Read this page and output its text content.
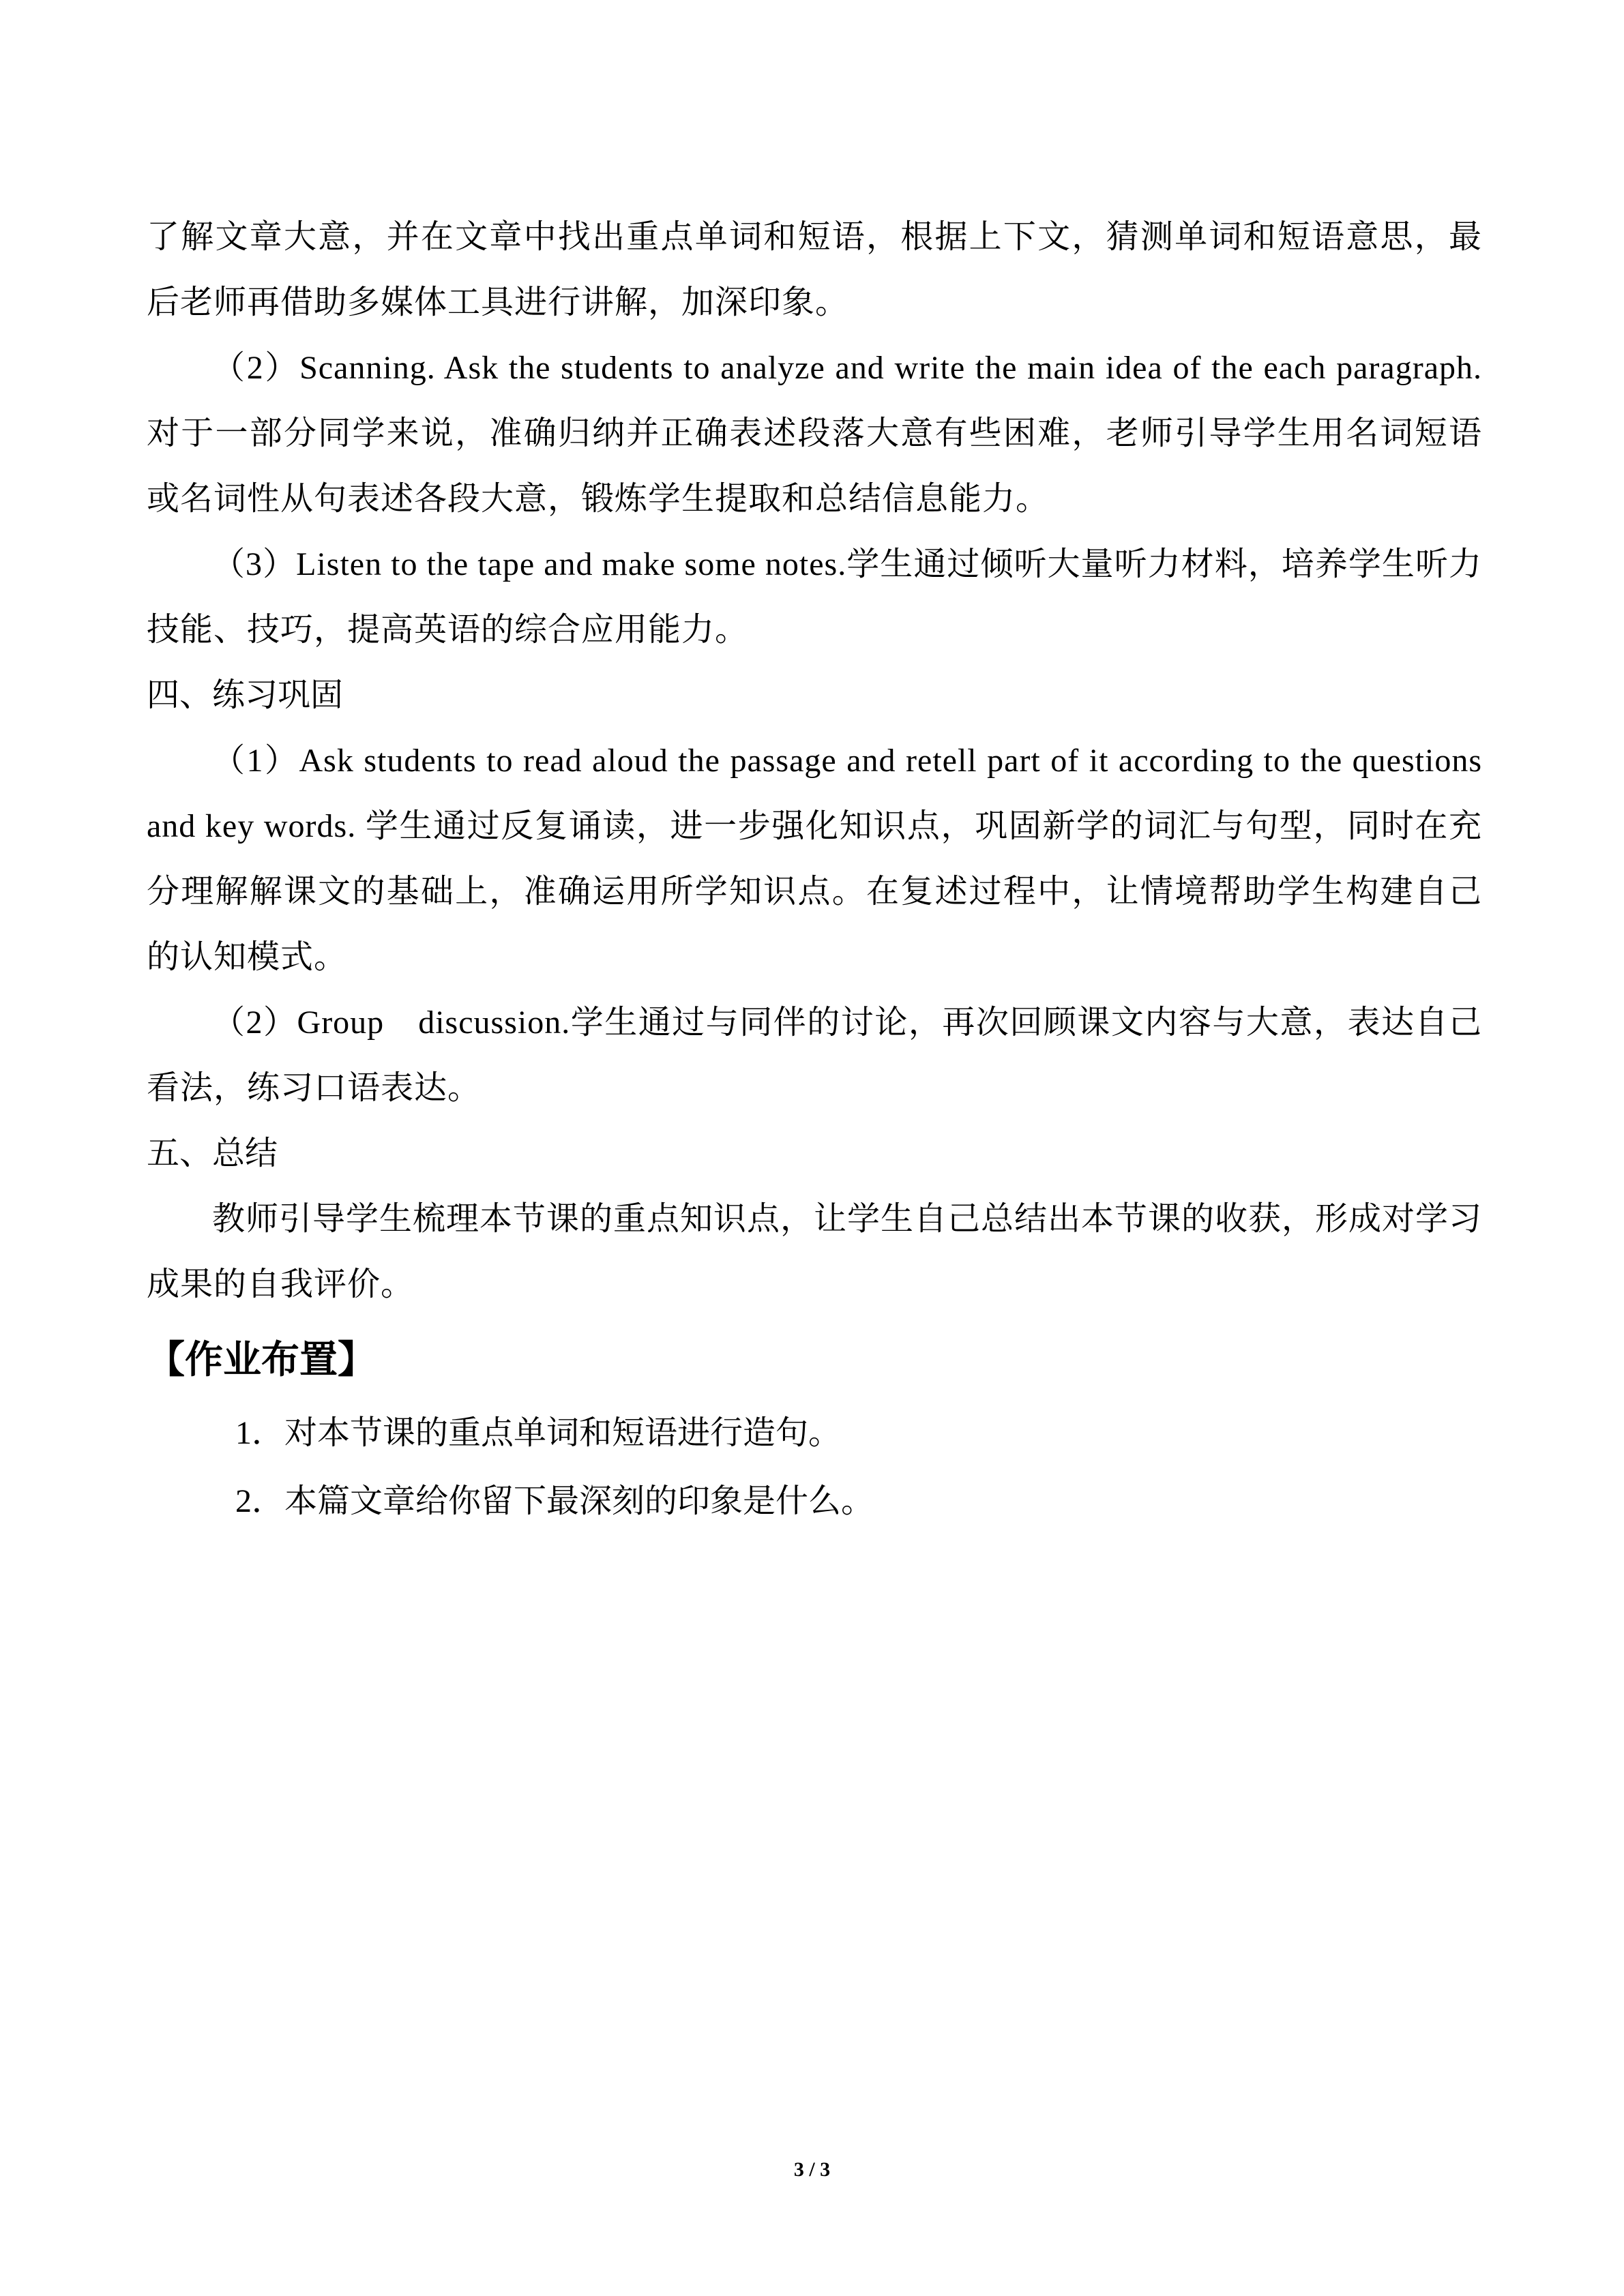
了解文章大意，并在文章中找出重点单词和短语，根据上下文，猜测单词和短语意思，最后老师再借助多媒体工具进行讲解，加深印象。

（2）Scanning. Ask the students to analyze and write the main idea of the each paragraph.对于一部分同学来说，准确归纳并正确表述段落大意有些困难，老师引导学生用名词短语或名词性从句表述各段大意，锻炼学生提取和总结信息能力。

（3）Listen to the tape and make some notes.学生通过倾听大量听力材料，培养学生听力技能、技巧，提高英语的综合应用能力。

四、练习巩固

（1）Ask students to read aloud the passage and retell part of it according to the questions and key words. 学生通过反复诵读，进一步强化知识点，巩固新学的词汇与句型，同时在充分理解解课文的基础上，准确运用所学知识点。在复述过程中，让情境帮助学生构建自己的认知模式。

（2）Group　discussion.学生通过与同伴的讨论，再次回顾课文内容与大意，表达自己看法，练习口语表达。

五、总结

教师引导学生梳理本节课的重点知识点，让学生自己总结出本节课的收获，形成对学习成果的自我评价。

【作业布置】

1．对本节课的重点单词和短语进行造句。

2．本篇文章给你留下最深刻的印象是什么。

3 / 3
